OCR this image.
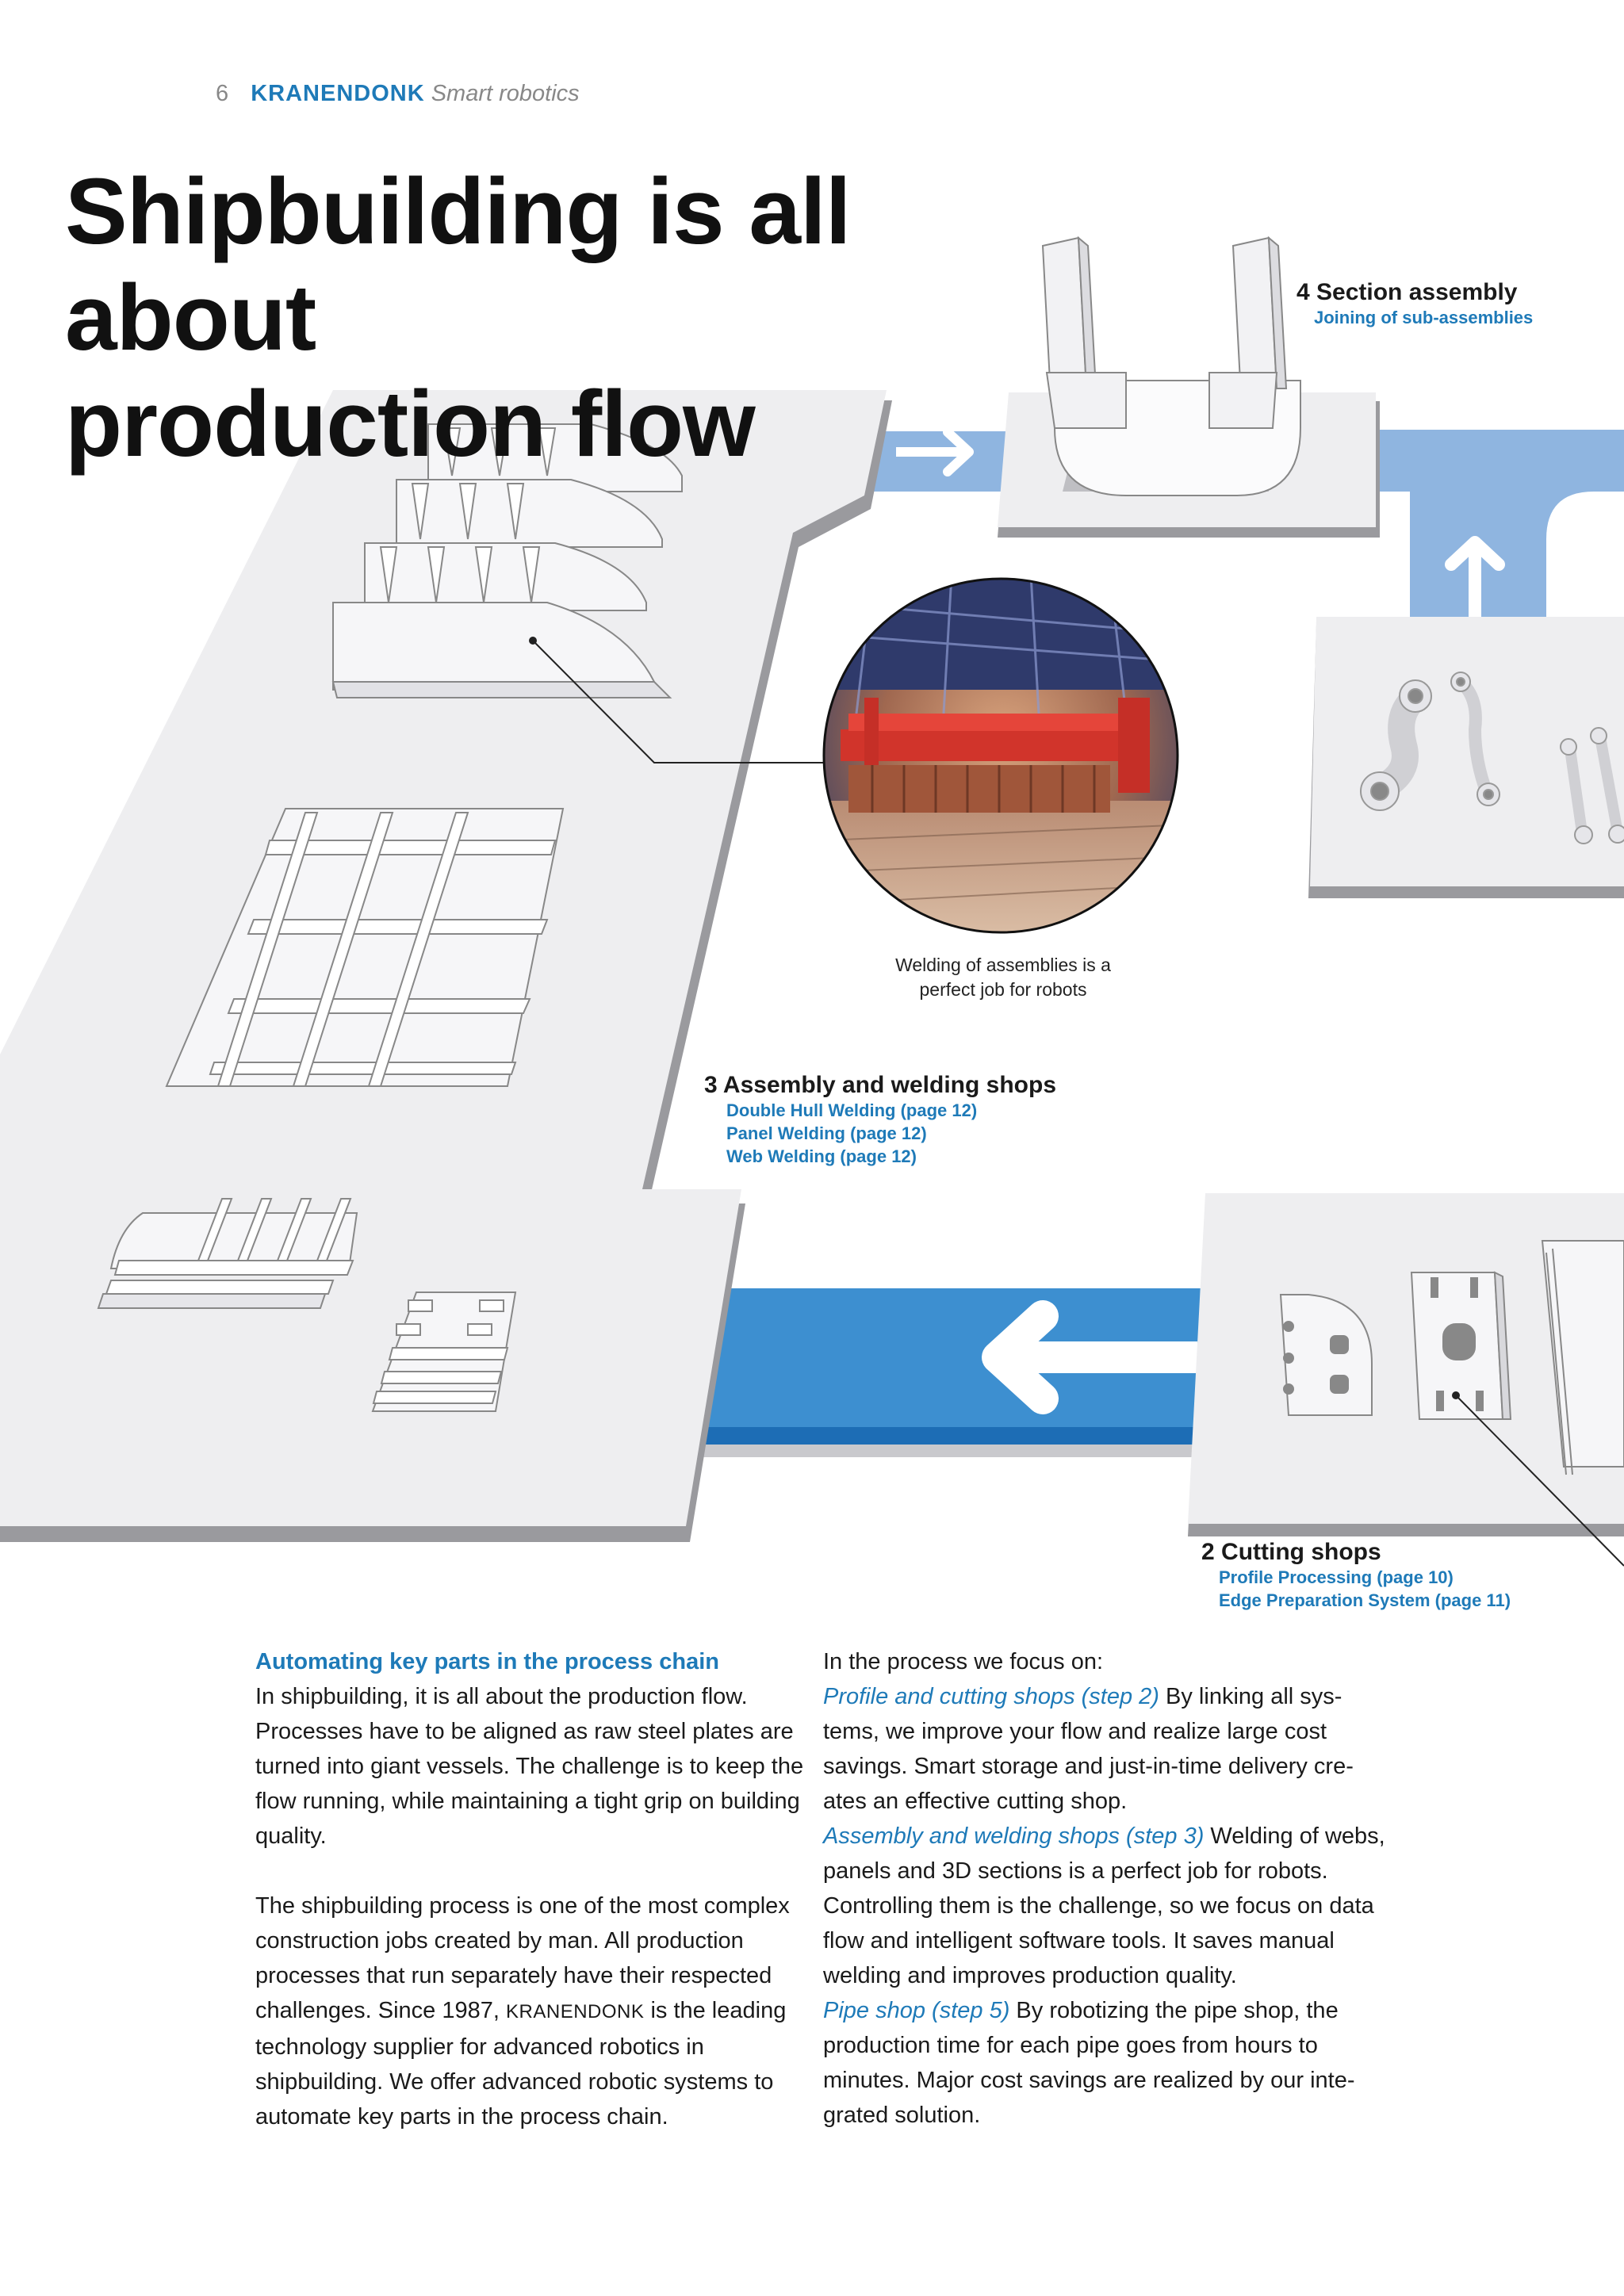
6 KRANENDONK Smart robotics
Shipbuilding is all about
production flow
4 Section assembly
Joining of sub-assemblies
3 Assembly and welding shops
Double Hull Welding (page 12)
Panel Welding (page 12)
Web Welding (page 12)
2 Cutting shops
Profile Processing (page 10)
Edge Preparation System (page 11)
Welding of assemblies is a
perfect job for robots

Automating key parts in the process chain

In shipbuilding, it is all about the production flow. Processes have to be aligned as raw steel plates are turned into giant vessels. The challenge is to keep the flow running, while maintaining a tight grip on building quality.

The shipbuilding process is one of the most complex construction jobs created by man. All production processes that run separately have their respected challenges. Since 1987, KRANENDONK is the leading technology supplier for advanced robotics in shipbuilding. We offer advanced robotic systems to automate key parts in the process chain.

In the process we focus on:

Profile and cutting shops (step 2) By linking all sys-tems, we improve your flow and realize large cost savings. Smart storage and just-in-time delivery cre-ates an effective cutting shop.

Assembly and welding shops (step 3) Welding of webs, panels and 3D sections is a perfect job for robots. Controlling them is the challenge, so we focus on data flow and intelligent software tools. It saves manual welding and improves production quality.

Pipe shop (step 5) By robotizing the pipe shop, the production time for each pipe goes from hours to minutes. Major cost savings are realized by our inte-grated solution.
